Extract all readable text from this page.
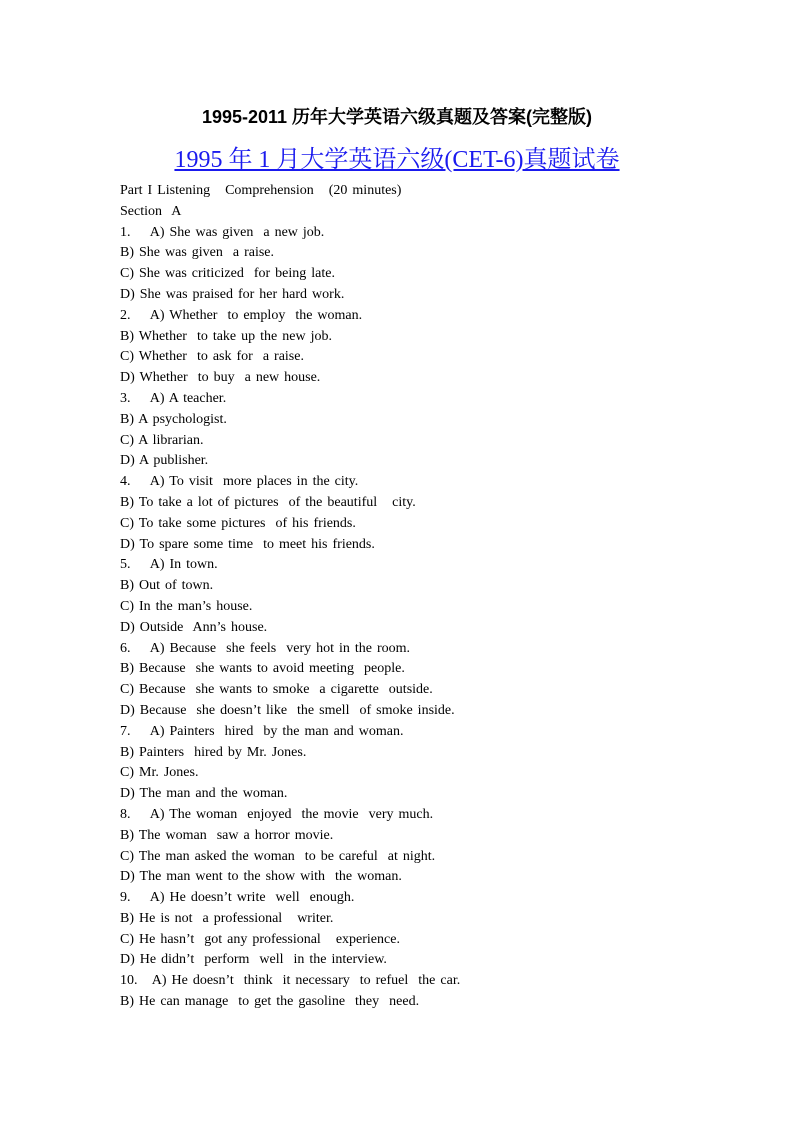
1995-2011 历年大学英语六级真题及答案(完整版)
1995 年 1 月大学英语六级(CET-6)真题试卷
Part I Listening   Comprehension   (20 minutes)
Section  A
1.    A) She was given  a new job.
B) She was given  a raise.
C) She was criticized  for being late.
D) She was praised for her hard work.
2.    A) Whether  to employ  the woman.
B) Whether  to take up the new job.
C) Whether  to ask for  a raise.
D) Whether  to buy  a new house.
3.    A) A teacher.
B) A psychologist.
C) A librarian.
D) A publisher.
4.    A) To visit  more places in the city.
B) To take a lot of pictures  of the beautiful   city.
C) To take some pictures  of his friends.
D) To spare some time  to meet his friends.
5.    A) In town.
B) Out of town.
C) In the man’s house.
D) Outside  Ann’s house.
6.    A) Because  she feels  very hot in the room.
B) Because  she wants to avoid meeting  people.
C) Because  she wants to smoke  a cigarette  outside.
D) Because  she doesn’t like  the smell  of smoke inside.
7.    A) Painters  hired  by the man and woman.
B) Painters  hired by Mr. Jones.
C) Mr. Jones.
D) The man and the woman.
8.    A) The woman  enjoyed  the movie  very much.
B) The woman  saw a horror movie.
C) The man asked the woman  to be careful  at night.
D) The man went to the show with  the woman.
9.    A) He doesn’t write  well  enough.
B) He is not  a professional   writer.
C) He hasn’t  got any professional   experience.
D) He didn’t  perform  well  in the interview.
10.   A) He doesn’t  think  it necessary  to refuel  the car.
B) He can manage  to get the gasoline  they  need.
